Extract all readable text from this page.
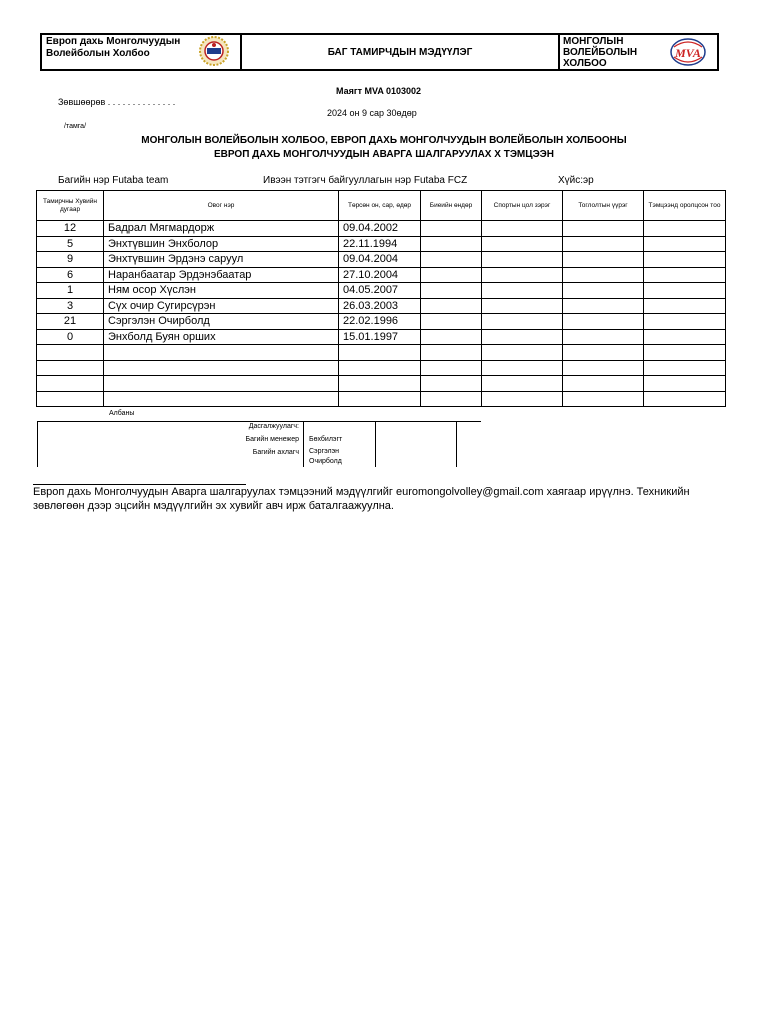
Европ дахь Монголчуудын Волейболын Холбоо	БАГ ТАМИРЧДЫН МЭДҮҮЛЭГ
МОНГОЛЫН
ВОЛЕЙБОЛЫН
ХОЛБОО
MVA
Маягт MVA 0103002
Зөвшөөрөв . . . . . . . . . . . . . .
2024 он 9 сар 30өдөр
/тамга/
МОНГОЛЫН ВОЛЕЙБОЛЫН ХОЛБОО, ЕВРОП ДАХЬ МОНГОЛЧУУДЫН ВОЛЕЙБОЛЫН ХОЛБООНЫ
ЕВРОП ДАХЬ МОНГОЛЧУУДЫН АВАРГА ШАЛГАРУУЛАХ X ТЭМЦЭЭН
Багийн нэр Futaba team	Ивээн тэтгэгч байгууллагын нэр Futaba FCZ	Хүйс:эр
Тамирчны Хувийн дугаар	Овог нэр	Төрсөн он, сар, өдөр	Биеийн өндөр	Спортын цол зэрэг	Тоглолтын үүрэг	Тэмцээнд оролцсон тоо
12	Бадрал Мягмардорж	09.04.2002				
5	Энхтүвшин Энхболор	22.11.1994				
9	Энхтүвшин Эрдэнэ саруул	09.04.2004				
6	Наранбаатар Эрдэнэбаатар	27.10.2004				
1	Ням осор Хүслэн	04.05.2007				
3	Сүх очир Сугирсүрэн	26.03.2003				
21	Сэргэлэн Очирболд	22.02.1996				
0	Энхболд Буян орших	15.01.1997				

Албаны
Дасгалжуулагч:
Багийн менежер Бөхбилэгт
Багийн ахлагч Сэргэлэн
Очирболд
Европ дахь Монголчуудын Аварга шалгаруулах тэмцээний мэдүүлгийг euromongolvolley@gmail.com хаягаар ирүүлнэ. Техникийн зөвлөгөөн дээр эцсийн мэдүүлгийн эх хувийг авч ирж баталгаажуулна.
